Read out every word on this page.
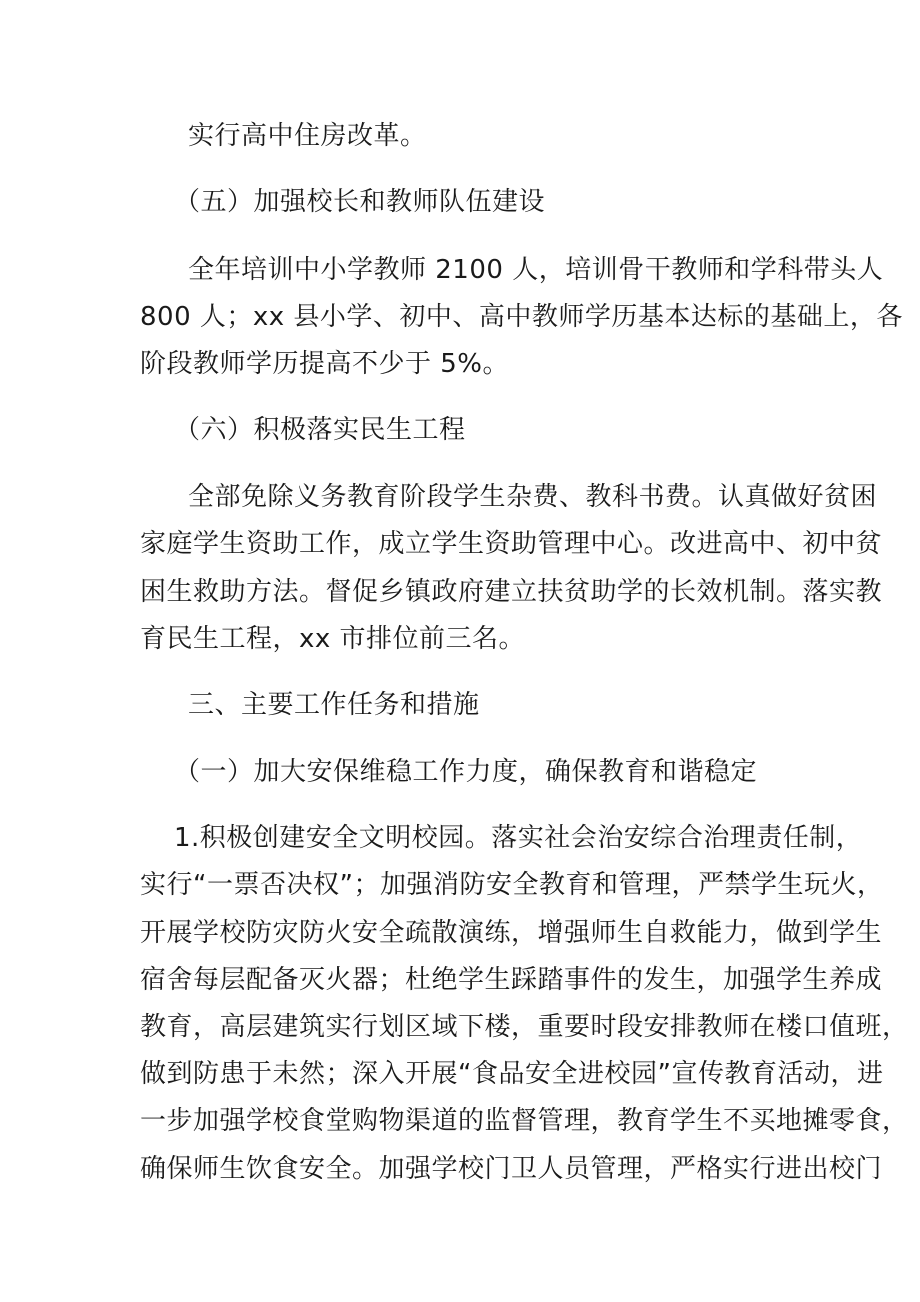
实行高中住房改革。
（五）加强校长和教师队伍建设
全年培训中小学教师 2100 人，培训骨干教师和学科带头人
800 人；xx 县小学、初中、高中教师学历基本达标的基础上，各
阶段教师学历提高不少于 5%。
（六）积极落实民生工程
全部免除义务教育阶段学生杂费、教科书费。认真做好贫困
家庭学生资助工作，成立学生资助管理中心。改进高中、初中贫
困生救助方法。督促乡镇政府建立扶贫助学的长效机制。落实教
育民生工程，xx 市排位前三名。
三、主要工作任务和措施
（一）加大安保维稳工作力度，确保教育和谐稳定
1.积极创建安全文明校园。落实社会治安综合治理责任制，
实行“一票否决权”；加强消防安全教育和管理，严禁学生玩火，
开展学校防灾防火安全疏散演练，增强师生自救能力，做到学生
宿舍每层配备灭火器；杜绝学生踩踏事件的发生，加强学生养成
教育，高层建筑实行划区域下楼，重要时段安排教师在楼口值班，
做到防患于未然；深入开展“食品安全进校园”宣传教育活动，进
一步加强学校食堂购物渠道的监督管理，教育学生不买地摊零食，
确保师生饮食安全。加强学校门卫人员管理，严格实行进出校门
